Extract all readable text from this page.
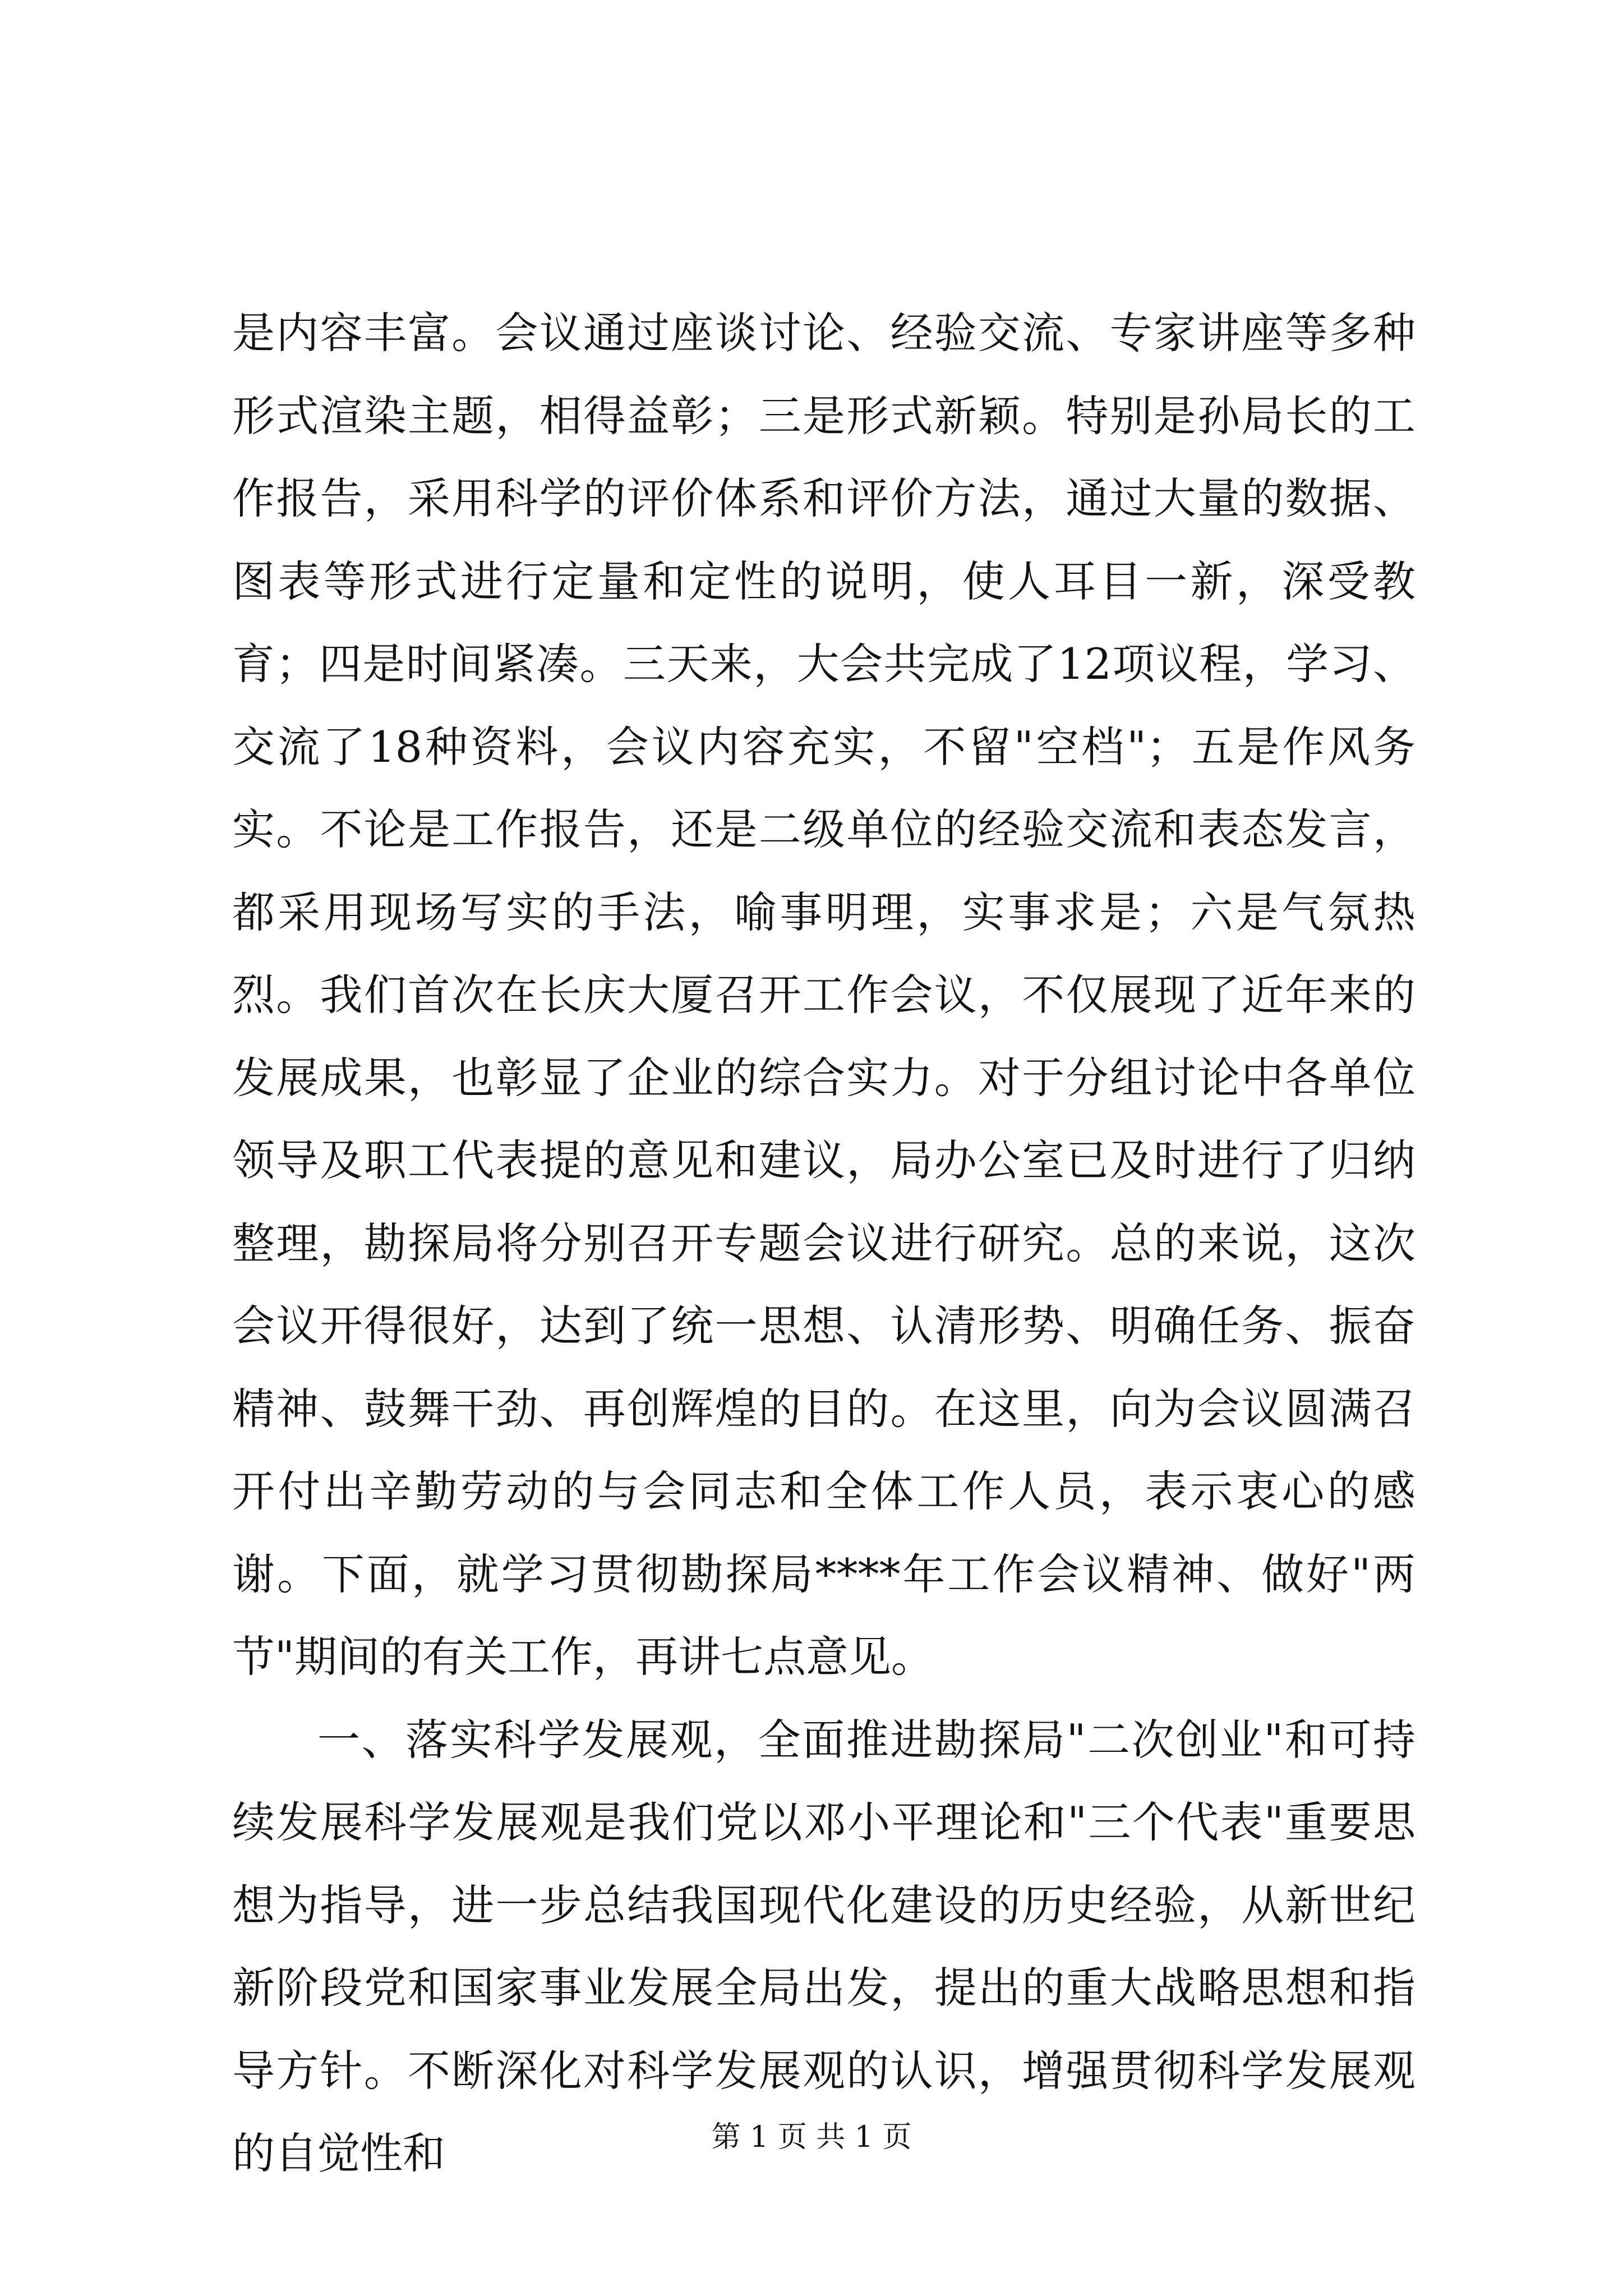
是内容丰富。会议通过座谈讨论、经验交流、专家讲座等多种形式渲染主题，相得益彰；三是形式新颖。特别是孙局长的工作报告，采用科学的评价体系和评价方法，通过大量的数据、图表等形式进行定量和定性的说明，使人耳目一新，深受教育；四是时间紧凑。三天来，大会共完成了12项议程，学习、交流了18种资料，会议内容充实，不留"空档"；五是作风务实。不论是工作报告，还是二级单位的经验交流和表态发言，都采用现场写实的手法，喻事明理，实事求是；六是气氛热烈。我们首次在长庆大厦召开工作会议，不仅展现了近年来的发展成果，也彰显了企业的综合实力。对于分组讨论中各单位领导及职工代表提的意见和建议，局办公室已及时进行了归纳整理，勘探局将分别召开专题会议进行研究。总的来说，这次会议开得很好，达到了统一思想、认清形势、明确任务、振奋精神、鼓舞干劲、再创辉煌的目的。在这里，向为会议圆满召开付出辛勤劳动的与会同志和全体工作人员，表示衷心的感谢。下面，就学习贯彻勘探局****年工作会议精神、做好"两节"期间的有关工作，再讲七点意见。

一、落实科学发展观，全面推进勘探局"二次创业"和可持续发展科学发展观是我们党以邓小平理论和"三个代表"重要思想为指导，进一步总结我国现代化建设的历史经验，从新世纪新阶段党和国家事业发展全局出发，提出的重大战略思想和指导方针。不断深化对科学发展观的认识，增强贯彻科学发展观的自觉性和	第 1 页 共 1 页
